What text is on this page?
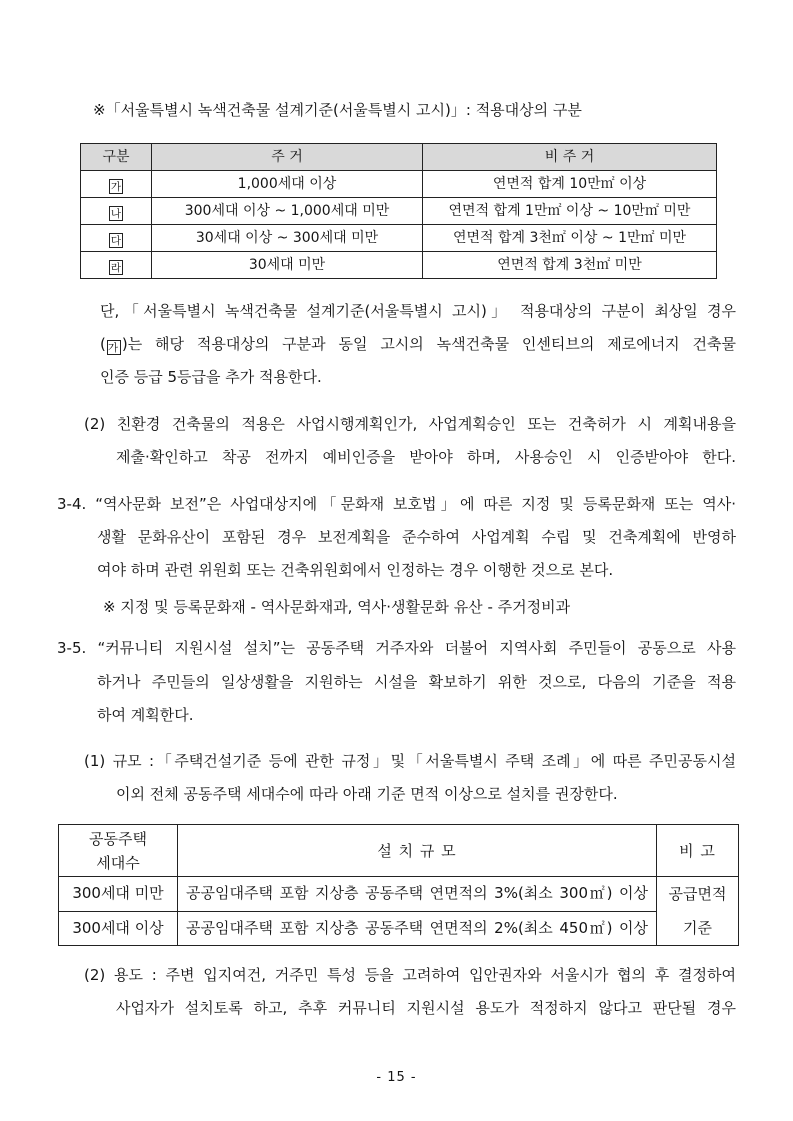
※「서울특별시 녹색건축물 설계기준(서울특별시 고시)」: 적용대상의 구분
구분	주 거	비 주 거
가	1,000세대 이상	연면적 합계 10만㎡ 이상
나	300세대 이상 ~ 1,000세대 미만	연면적 합계 1만㎡ 이상 ~ 10만㎡ 미만
다	30세대 이상 ~ 300세대 미만	연면적 합계 3천㎡ 이상 ~ 1만㎡ 미만
라	30세대 미만	연면적 합계 3천㎡ 미만
단,「서울특별시 녹색건축물 설계기준(서울특별시 고시)」 적용대상의 구분이 최상일 경우
( 가 )는 해당 적용대상의 구분과 동일 고시의 녹색건축물 인센티브의 제로에너지 건축물
인증 등급 5등급을 추가 적용한다.
(2) 친환경 건축물의 적용은 사업시행계획인가, 사업계획승인 또는 건축허가 시 계획내용을
제출·확인하고 착공 전까지 예비인증을 받아야 하며, 사용승인 시 인증받아야 한다.
3-4. “역사문화 보전”은 사업대상지에「문화재 보호법」에 따른 지정 및 등록문화재 또는 역사·
생활 문화유산이 포함된 경우 보전계획을 준수하여 사업계획 수립 및 건축계획에 반영하
여야 하며 관련 위원회 또는 건축위원회에서 인정하는 경우 이행한 것으로 본다.
※ 지정 및 등록문화재 - 역사문화재과, 역사·생활문화 유산 - 주거정비과
3-5. “커뮤니티 지원시설 설치”는 공동주택 거주자와 더불어 지역사회 주민들이 공동으로 사용
하거나 주민들의 일상생활을 지원하는 시설을 확보하기 위한 것으로, 다음의 기준을 적용
하여 계획한다.
(1) 규모 :「주택건설기준 등에 관한 규정」및「서울특별시 주택 조례」에 따른 주민공동시설
이외 전체 공동주택 세대수에 따라 아래 기준 면적 이상으로 설치를 권장한다.
공동주택
세대수	설 치 규 모	비 고
300세대 미만	공공임대주택 포함 지상층 공동주택 연면적의 3%(최소 300㎡) 이상	공급면적
기준

300세대 이상	공공임대주택 포함 지상층 공동주택 연면적의 2%(최소 450㎡) 이상	
(2) 용도 : 주변 입지여건, 거주민 특성 등을 고려하여 입안권자와 서울시가 협의 후 결정하여
사업자가 설치토록 하고, 추후 커뮤니티 지원시설 용도가 적정하지 않다고 판단될 경우
- 15 -
